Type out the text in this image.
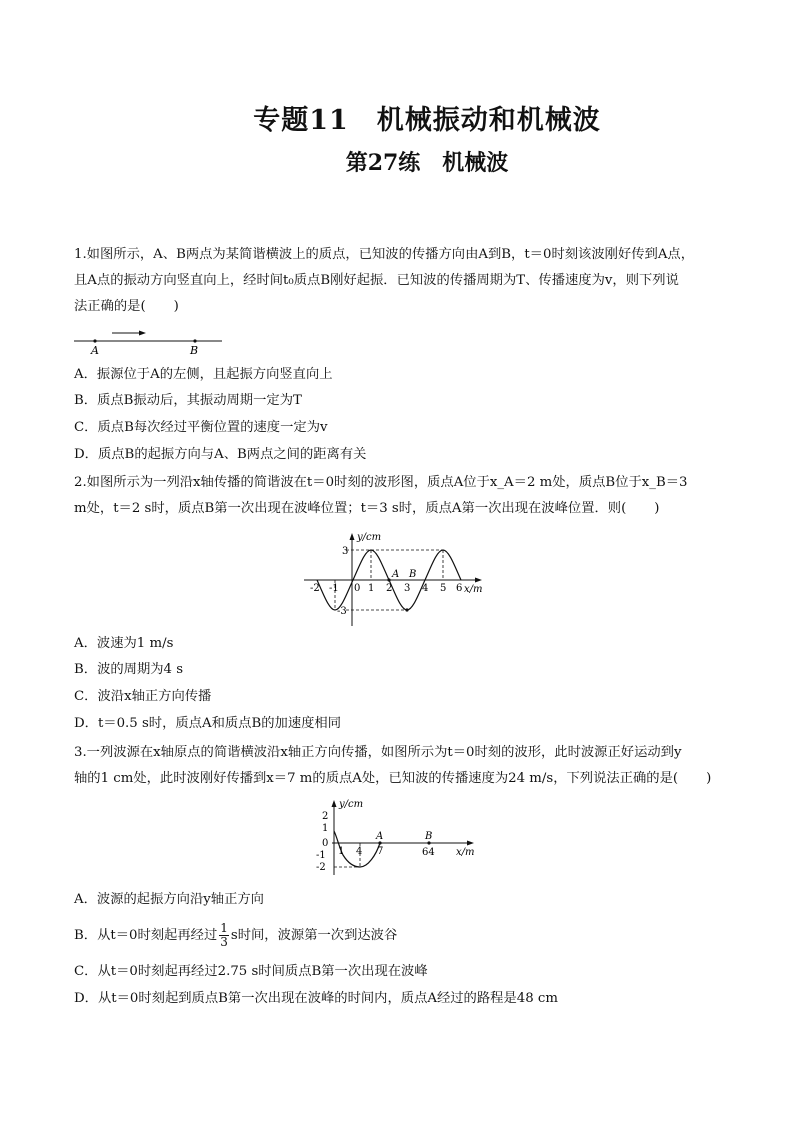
专题11　机械振动和机械波
第27练　机械波

1.如图所示，A、B两点为某简谐横波上的质点，已知波的传播方向由A到B，t＝0时刻该波刚好传到A点，
且A点的振动方向竖直向上，经时间t₀质点B刚好起振．已知波的传播周期为T、传播速度为v，则下列说
法正确的是( )

A	B

A．振源位于A的左侧，且起振方向竖直向上

B．质点B振动后，其振动周期一定为T

C．质点B每次经过平衡位置的速度一定为v

D．质点B的起振方向与A、B两点之间的距离有关

2.如图所示为一列沿x轴传播的简谐波在t＝0时刻的波形图，质点A位于x_A＝2 m处，质点B位于x_B＝3
m处，t＝2 s时，质点B第一次出现在波峰位置；t＝3 s时，质点A第一次出现在波峰位置．则( )

y/cm
x/m
3
-3
-2 -1 0 1 2 3 4 5 6
A B

A．波速为1 m/s

B．波的周期为4 s

C．波沿x轴正方向传播

D．t＝0.5 s时，质点A和质点B的加速度相同

3.一列波源在x轴原点的简谐横波沿x轴正方向传播，如图所示为t＝0时刻的波形，此时波源正好运动到y
轴的1 cm处，此时波刚好传播到x＝7 m的质点A处，已知波的传播速度为24 m/s，下列说法正确的是( )

y/cm
x/m
2
1
0
-1
-2
1 4 7	64
A	B

A．波源的起振方向沿y轴正方向

B．从t＝0时刻起再经过 $\frac{1}{3}$ s时间，波源第一次到达波谷

C．从t＝0时刻起再经过2.75 s时间质点B第一次出现在波峰

D．从t＝0时刻起到质点B第一次出现在波峰的时间内，质点A经过的路程是48 cm
